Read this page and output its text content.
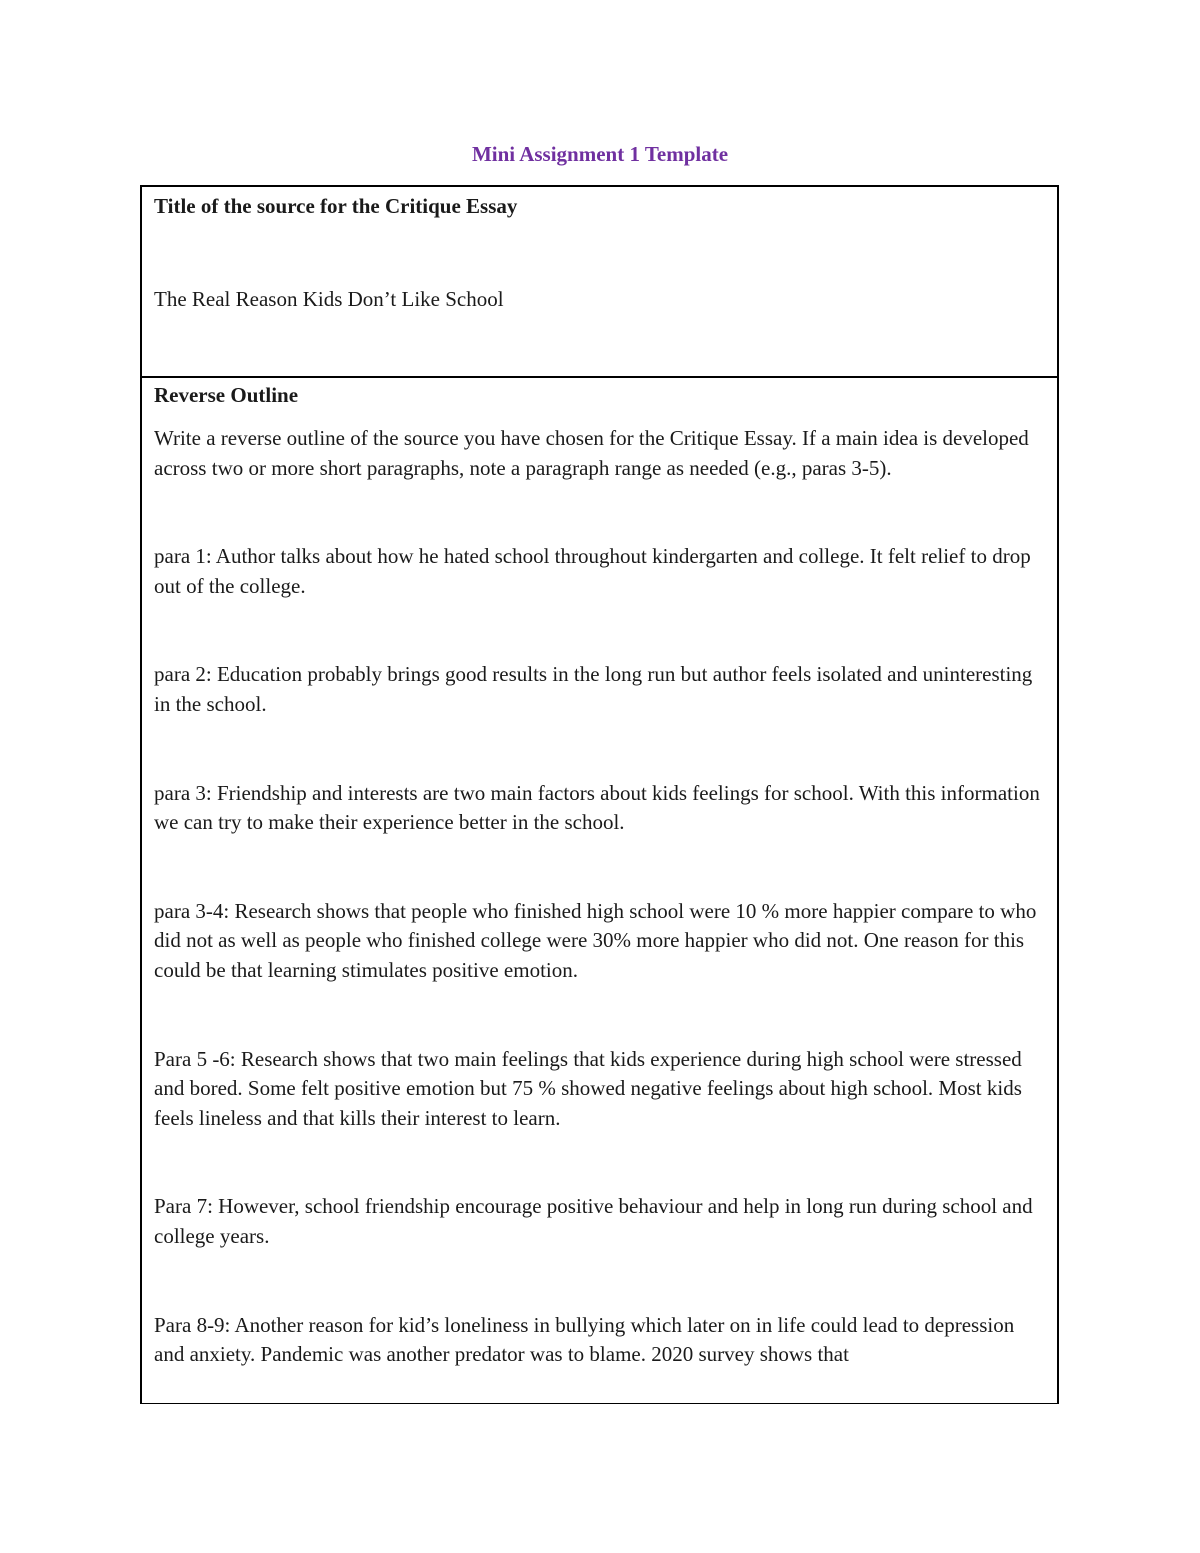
Mini Assignment 1 Template

Title of the source for the Critique Essay

The Real Reason Kids Don’t Like School

Reverse Outline

Write a reverse outline of the source you have chosen for the Critique Essay. If a main idea is developed across two or more short paragraphs, note a paragraph range as needed (e.g., paras 3-5).

para 1: Author talks about how he hated school throughout kindergarten and college. It felt relief to drop out of the college.

para 2: Education probably brings good results in the long run but author feels isolated and uninteresting in the school.

para 3: Friendship and interests are two main factors about kids feelings for school. With this information we can try to make their experience better in the school.

para 3-4: Research shows that people who finished high school were 10 % more happier compare to who did not as well as people who finished college were 30% more happier who did not. One reason for this could be that learning stimulates positive emotion.

Para 5 -6: Research shows that two main feelings that kids experience during high school were stressed and bored. Some felt positive emotion but 75 % showed negative feelings about high school. Most kids feels lineless and that kills their interest to learn.

Para 7: However, school friendship encourage positive behaviour and help in long run during school and college years.

Para 8-9: Another reason for kid’s loneliness in bullying which later on in life could lead to depression and anxiety. Pandemic was another predator was to blame. 2020 survey shows that
